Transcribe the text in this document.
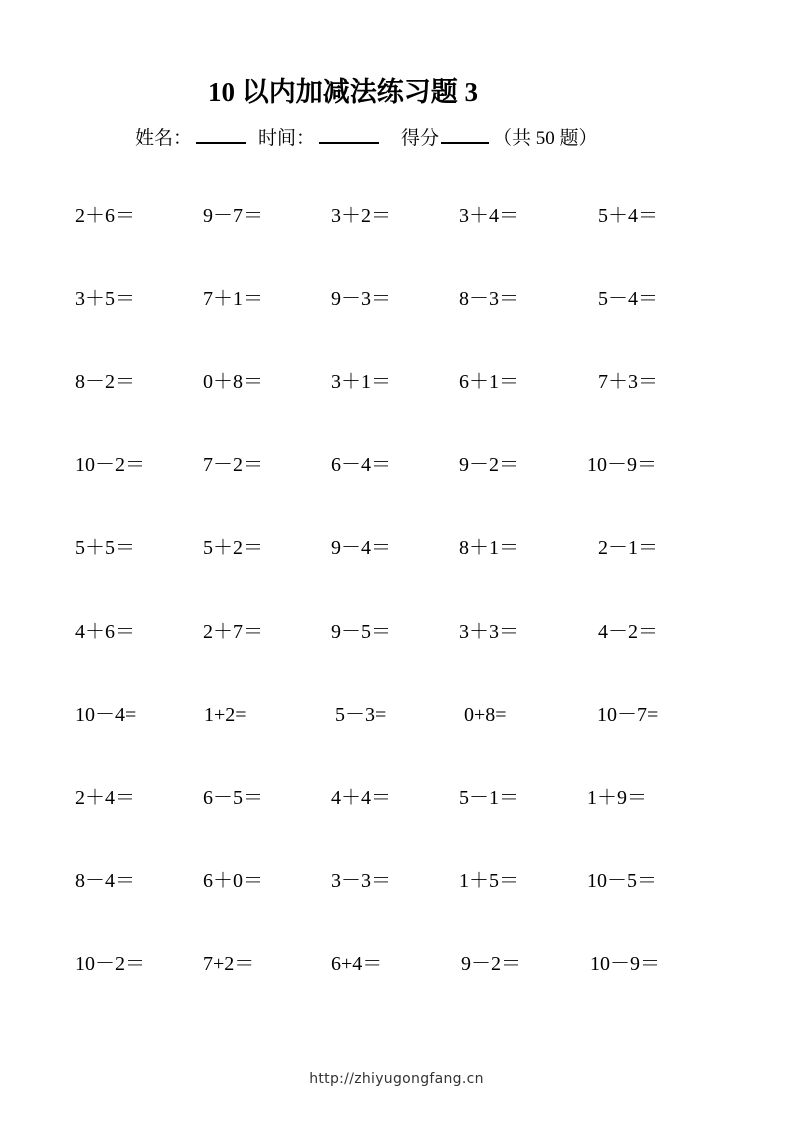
10 以内加减法练习题 3
姓名：	时间：	得分	（共 50 题）
2＋6＝	9－7＝	3＋2＝	3＋4＝	5＋4＝
3＋5＝	7＋1＝	9－3＝	8－3＝	5－4＝
8－2＝	0＋8＝	3＋1＝	6＋1＝	7＋3＝
10－2＝	7－2＝	6－4＝	9－2＝	10－9＝
5＋5＝	5＋2＝	9－4＝	8＋1＝	2－1＝
4＋6＝	2＋7＝	9－5＝	3＋3＝	4－2＝
10－4=	1+2=	5－3=	0+8=	10－7=
2＋4＝	6－5＝	4＋4＝	5－1＝	1＋9＝
8－4＝	6＋0＝	3－3＝	1＋5＝	10－5＝
10－2＝	7+2＝	6+4＝	9－2＝	10－9＝
http://zhiyugongfang.cn
